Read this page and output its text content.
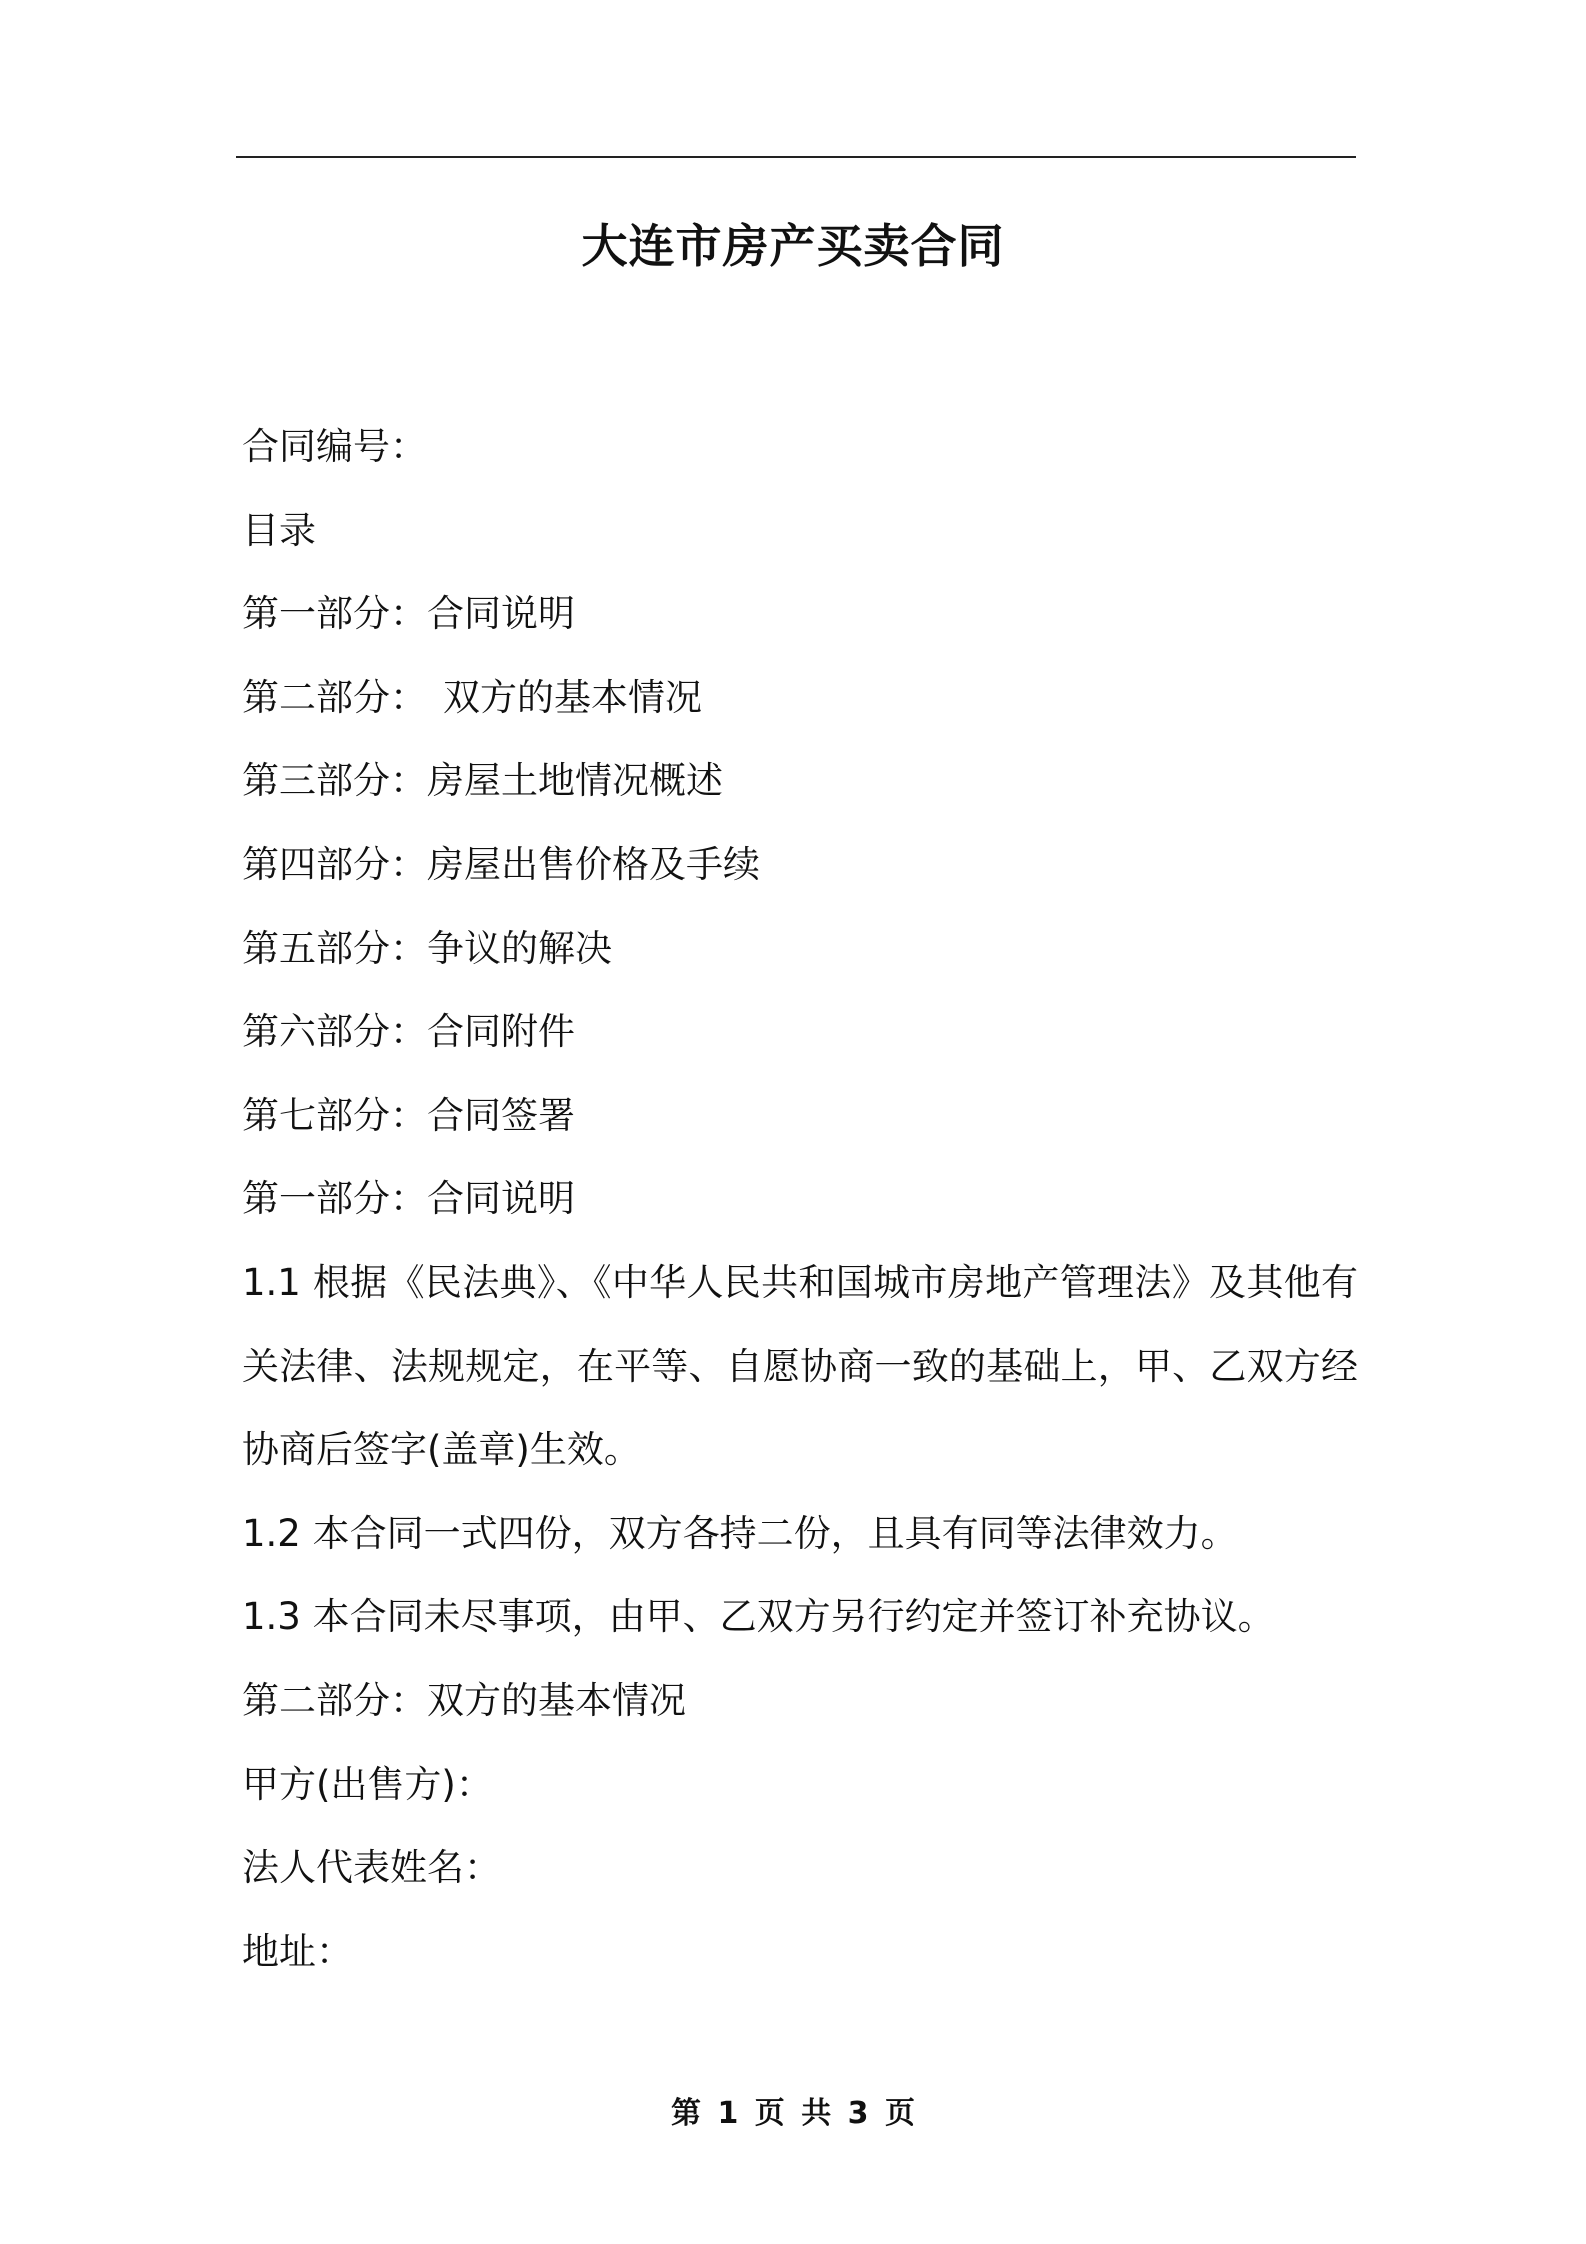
大连市房产买卖合同
合同编号：
目录
第一部分：合同说明
第二部分： 双方的基本情况
第三部分：房屋土地情况概述
第四部分：房屋出售价格及手续
第五部分：争议的解决
第六部分：合同附件
第七部分：合同签署
第一部分：合同说明
1.1 根据《民法典》、《中华人民共和国城市房地产管理法》及其他有关法律、法规规定，在平等、自愿协商一致的基础上，甲、乙双方经协商后签字(盖章)生效。
1.2 本合同一式四份，双方各持二份，且具有同等法律效力。
1.3 本合同未尽事项，由甲、乙双方另行约定并签订补充协议。
第二部分：双方的基本情况
甲方(出售方)：
法人代表姓名：
地址：
第 1 页 共 3 页
